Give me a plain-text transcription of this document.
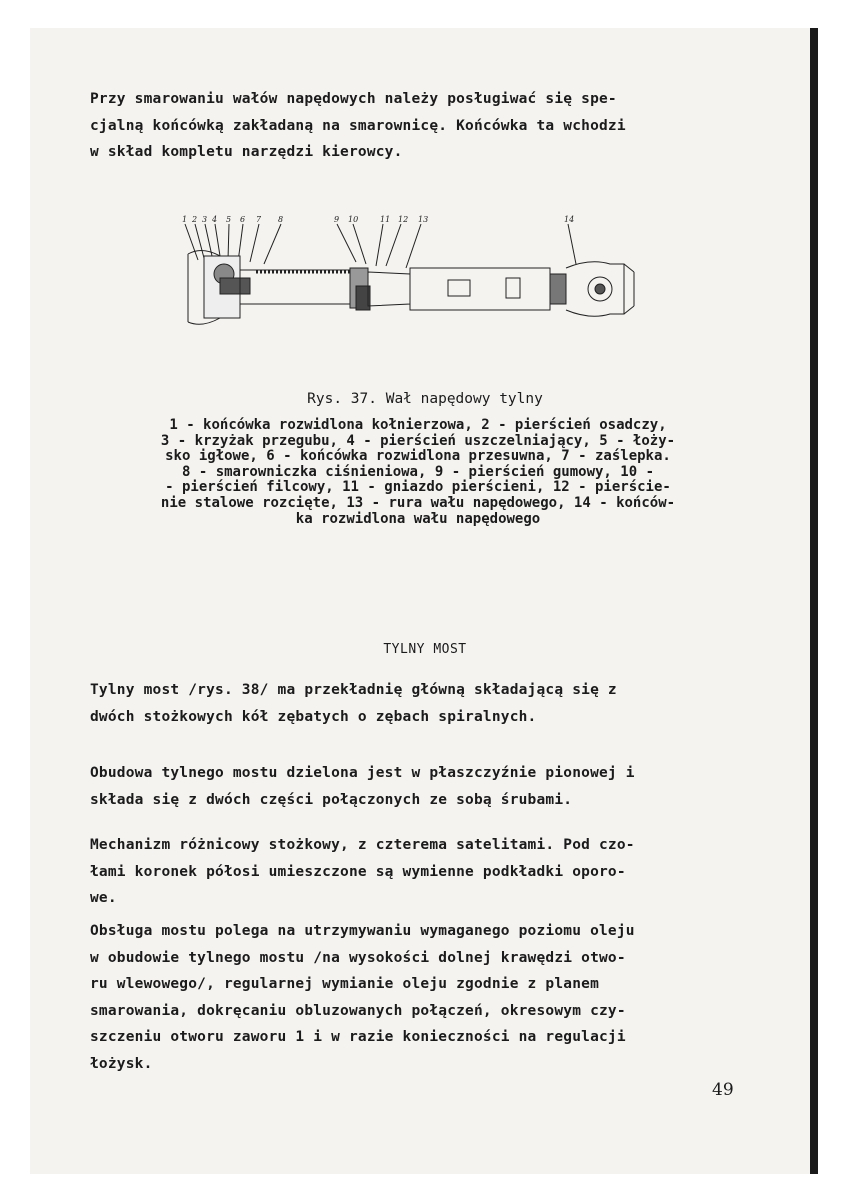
Przy smarowaniu wałów napędowych należy posługiwać się spe-
cjalną końcówką zakładaną na smarownicę. Końcówka ta wchodzi
w skład kompletu narzędzi kierowcy.
1 2 3 4 5 6 7 8	9 10	11 12 13	14
Rys. 37. Wał napędowy tylny
1 - końcówka rozwidlona kołnierzowa, 2 - pierścień osadczy,
3 - krzyżak przegubu, 4 - pierścień uszczelniający, 5 - łoży-
sko igłowe, 6 - końcówka rozwidlona przesuwna, 7 - zaślepka.
8 - smarowniczka ciśnieniowa, 9 - pierścień gumowy, 10 -
- pierścień filcowy, 11 - gniazdo pierścieni, 12 - pierście-
nie stalowe rozcięte, 13 - rura wału napędowego, 14 - końców-
ka rozwidlona wału napędowego
TYLNY MOST
Tylny most /rys. 38/ ma przekładnię główną składającą się z
dwóch stożkowych kół zębatych o zębach spiralnych.
Obudowa tylnego mostu dzielona jest w płaszczyźnie pionowej i
składa się z dwóch części połączonych ze sobą śrubami.
Mechanizm różnicowy stożkowy, z czterema satelitami. Pod czo-
łami koronek półosi umieszczone są wymienne podkładki oporo-
we.
Obsługa mostu polega na utrzymywaniu wymaganego poziomu oleju
w obudowie tylnego mostu /na wysokości dolnej krawędzi otwo-
ru wlewowego/, regularnej wymianie oleju zgodnie z planem
smarowania, dokręcaniu obluzowanych połączeń, okresowym czy-
szczeniu otworu zaworu 1 i w razie konieczności na regulacji
łożysk.
49
